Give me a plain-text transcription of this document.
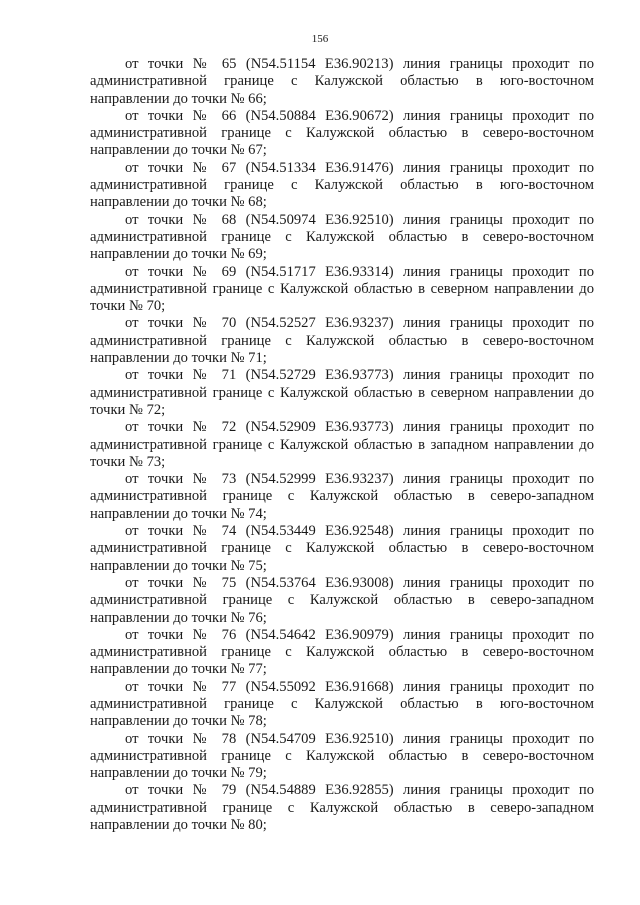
156

от точки № 65 (N54.51154 E36.90213) линия границы проходит по административной границе с Калужской областью в юго-восточном направлении до точки № 66;

от точки № 66 (N54.50884 E36.90672) линия границы проходит по административной границе с Калужской областью в северо-восточном направлении до точки № 67;

от точки № 67 (N54.51334 E36.91476) линия границы проходит по административной границе с Калужской областью в юго-восточном направлении до точки № 68;

от точки № 68 (N54.50974 E36.92510) линия границы проходит по административной границе с Калужской областью в северо-восточном направлении до точки № 69;

от точки № 69 (N54.51717 E36.93314) линия границы проходит по административной границе с Калужской областью в северном направлении до точки № 70;

от точки № 70 (N54.52527 E36.93237) линия границы проходит по административной границе с Калужской областью в северо-восточном направлении до точки № 71;

от точки № 71 (N54.52729 E36.93773) линия границы проходит по административной границе с Калужской областью в северном направлении до точки № 72;

от точки № 72 (N54.52909 E36.93773) линия границы проходит по административной границе с Калужской областью в западном направлении до точки № 73;

от точки № 73 (N54.52999 E36.93237) линия границы проходит по административной границе с Калужской областью в северо-западном направлении до точки № 74;

от точки № 74 (N54.53449 E36.92548) линия границы проходит по административной границе с Калужской областью в северо-восточном направлении до точки № 75;

от точки № 75 (N54.53764 E36.93008) линия границы проходит по административной границе с Калужской областью в северо-западном направлении до точки № 76;

от точки № 76 (N54.54642 E36.90979) линия границы проходит по административной границе с Калужской областью в северо-восточном направлении до точки № 77;

от точки № 77 (N54.55092 E36.91668) линия границы проходит по административной границе с Калужской областью в юго-восточном направлении до точки № 78;

от точки № 78 (N54.54709 E36.92510) линия границы проходит по административной границе с Калужской областью в северо-восточном направлении до точки № 79;

от точки № 79 (N54.54889 E36.92855) линия границы проходит по административной границе с Калужской областью в северо-западном направлении до точки № 80;
